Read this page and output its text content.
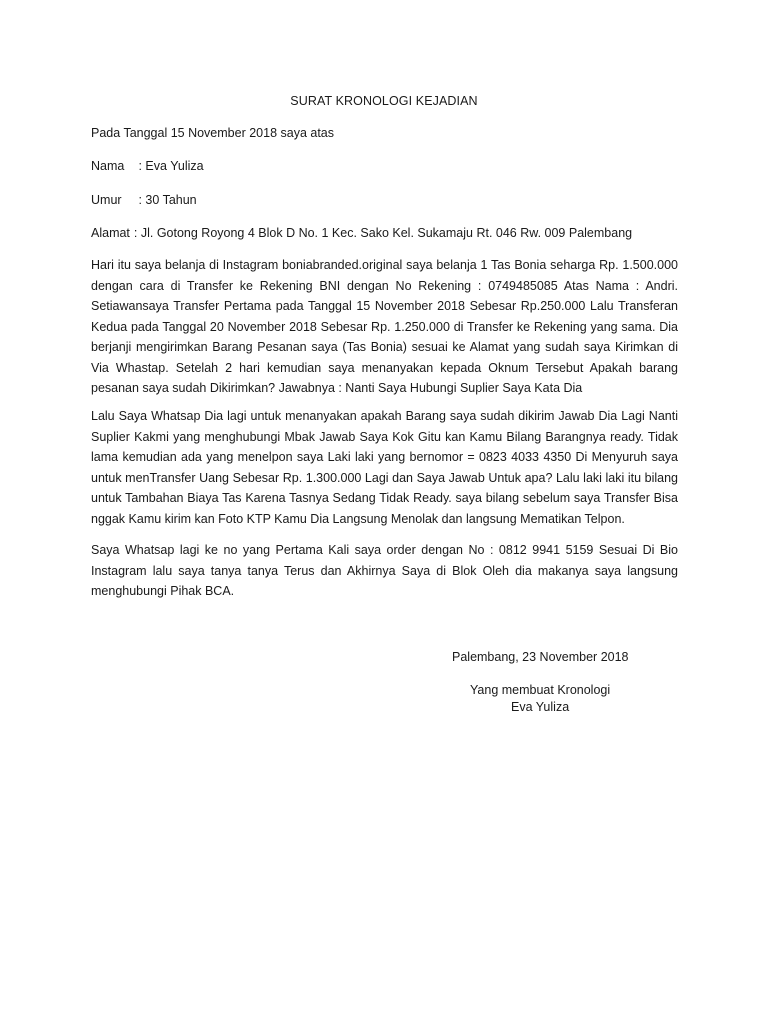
SURAT KRONOLOGI KEJADIAN
Pada Tanggal 15 November 2018 saya atas
Nama : Eva Yuliza
Umur : 30 Tahun
Alamat : Jl. Gotong Royong 4 Blok D No. 1 Kec. Sako Kel. Sukamaju Rt. 046 Rw. 009 Palembang
Hari itu saya belanja di Instagram boniabranded.original saya belanja 1 Tas Bonia seharga Rp. 1.500.000 dengan cara di Transfer ke Rekening BNI dengan No Rekening : 0749485085 Atas Nama : Andri. Setiawansaya Transfer Pertama pada Tanggal 15 November 2018 Sebesar Rp.250.000 Lalu Transferan Kedua pada Tanggal 20 November 2018 Sebesar Rp. 1.250.000 di Transfer ke Rekening yang sama. Dia berjanji mengirimkan Barang Pesanan saya (Tas Bonia) sesuai ke Alamat yang sudah saya Kirimkan di Via Whastap. Setelah 2 hari kemudian saya menanyakan kepada Oknum Tersebut Apakah barang pesanan saya sudah Dikirimkan? Jawabnya : Nanti Saya Hubungi Suplier Saya Kata Dia
Lalu Saya Whatsap Dia lagi untuk menanyakan apakah Barang saya sudah dikirim Jawab Dia Lagi Nanti Suplier Kakmi yang menghubungi Mbak Jawab Saya Kok Gitu kan Kamu Bilang Barangnya ready. Tidak lama kemudian ada yang menelpon saya Laki laki yang bernomor = 0823 4033 4350 Di Menyuruh saya untuk menTransfer Uang Sebesar Rp. 1.300.000 Lagi dan Saya Jawab Untuk apa? Lalu laki laki itu bilang untuk Tambahan Biaya Tas Karena Tasnya Sedang Tidak Ready. saya bilang sebelum saya Transfer Bisa nggak Kamu kirim kan Foto KTP Kamu Dia Langsung Menolak dan langsung Mematikan Telpon.
Saya Whatsap lagi ke no yang Pertama Kali saya order dengan No : 0812 9941 5159 Sesuai Di Bio Instagram lalu saya tanya tanya Terus dan Akhirnya Saya di Blok Oleh dia makanya saya langsung menghubungi Pihak BCA.
Palembang, 23 November 2018
Yang membuat Kronologi
Eva Yuliza
